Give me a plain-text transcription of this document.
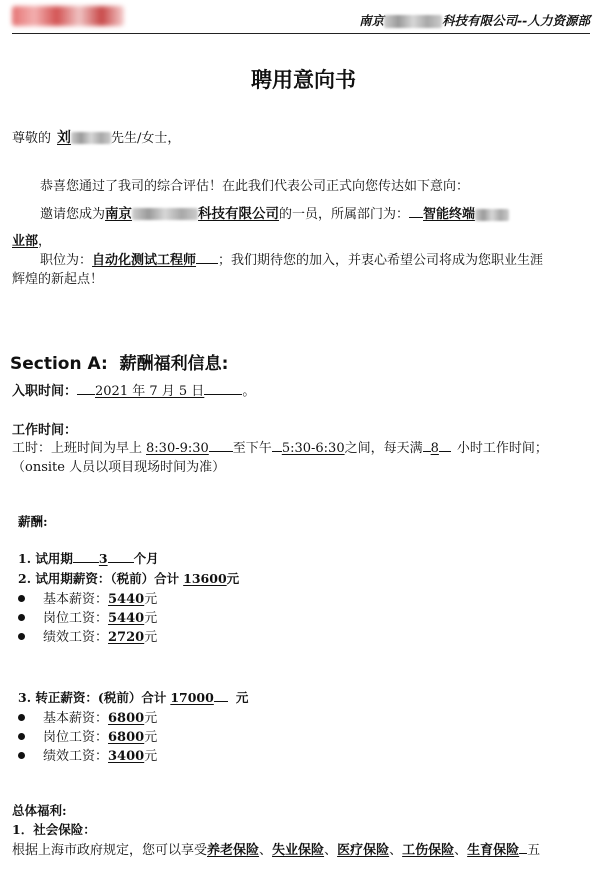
南京	科技有限公司--人力资源部
聘用意向书
尊敬的 刘	先生/女士，
恭喜您通过了我司的综合评估！在此我们代表公司正式向您传达如下意向：
邀请您成为南京	科技有限公司的一员，所属部门为： 智能终端
业部，
职位为：自动化测试工程师 ；我们期待您的加入，并衷心希望公司将成为您职业生涯
辉煌的新起点！
Section A: 薪酬福利信息:
入职时间： 2021 年 7 月 5 日	。
工作时间：
工时：上班时间为早上 8:30-9:30 至下午 5:30-6:30之间，每天满 8 小时工作时间；
（onsite 人员以项目现场时间为准）
薪酬:
1. 试用期 3 个月
2. 试用期薪资：（税前）合计 13600元
基本薪资：5440元
岗位工资：5440元
绩效工资：2720元
3. 转正薪资：(税前）合计 17000 元
基本薪资：6800元
岗位工资：6800元
绩效工资：3400元
总体福利:
1．社会保险：
根据上海市政府规定，您可以享受养老保险、失业保险、医疗保险、工伤保险、生育保险 五
